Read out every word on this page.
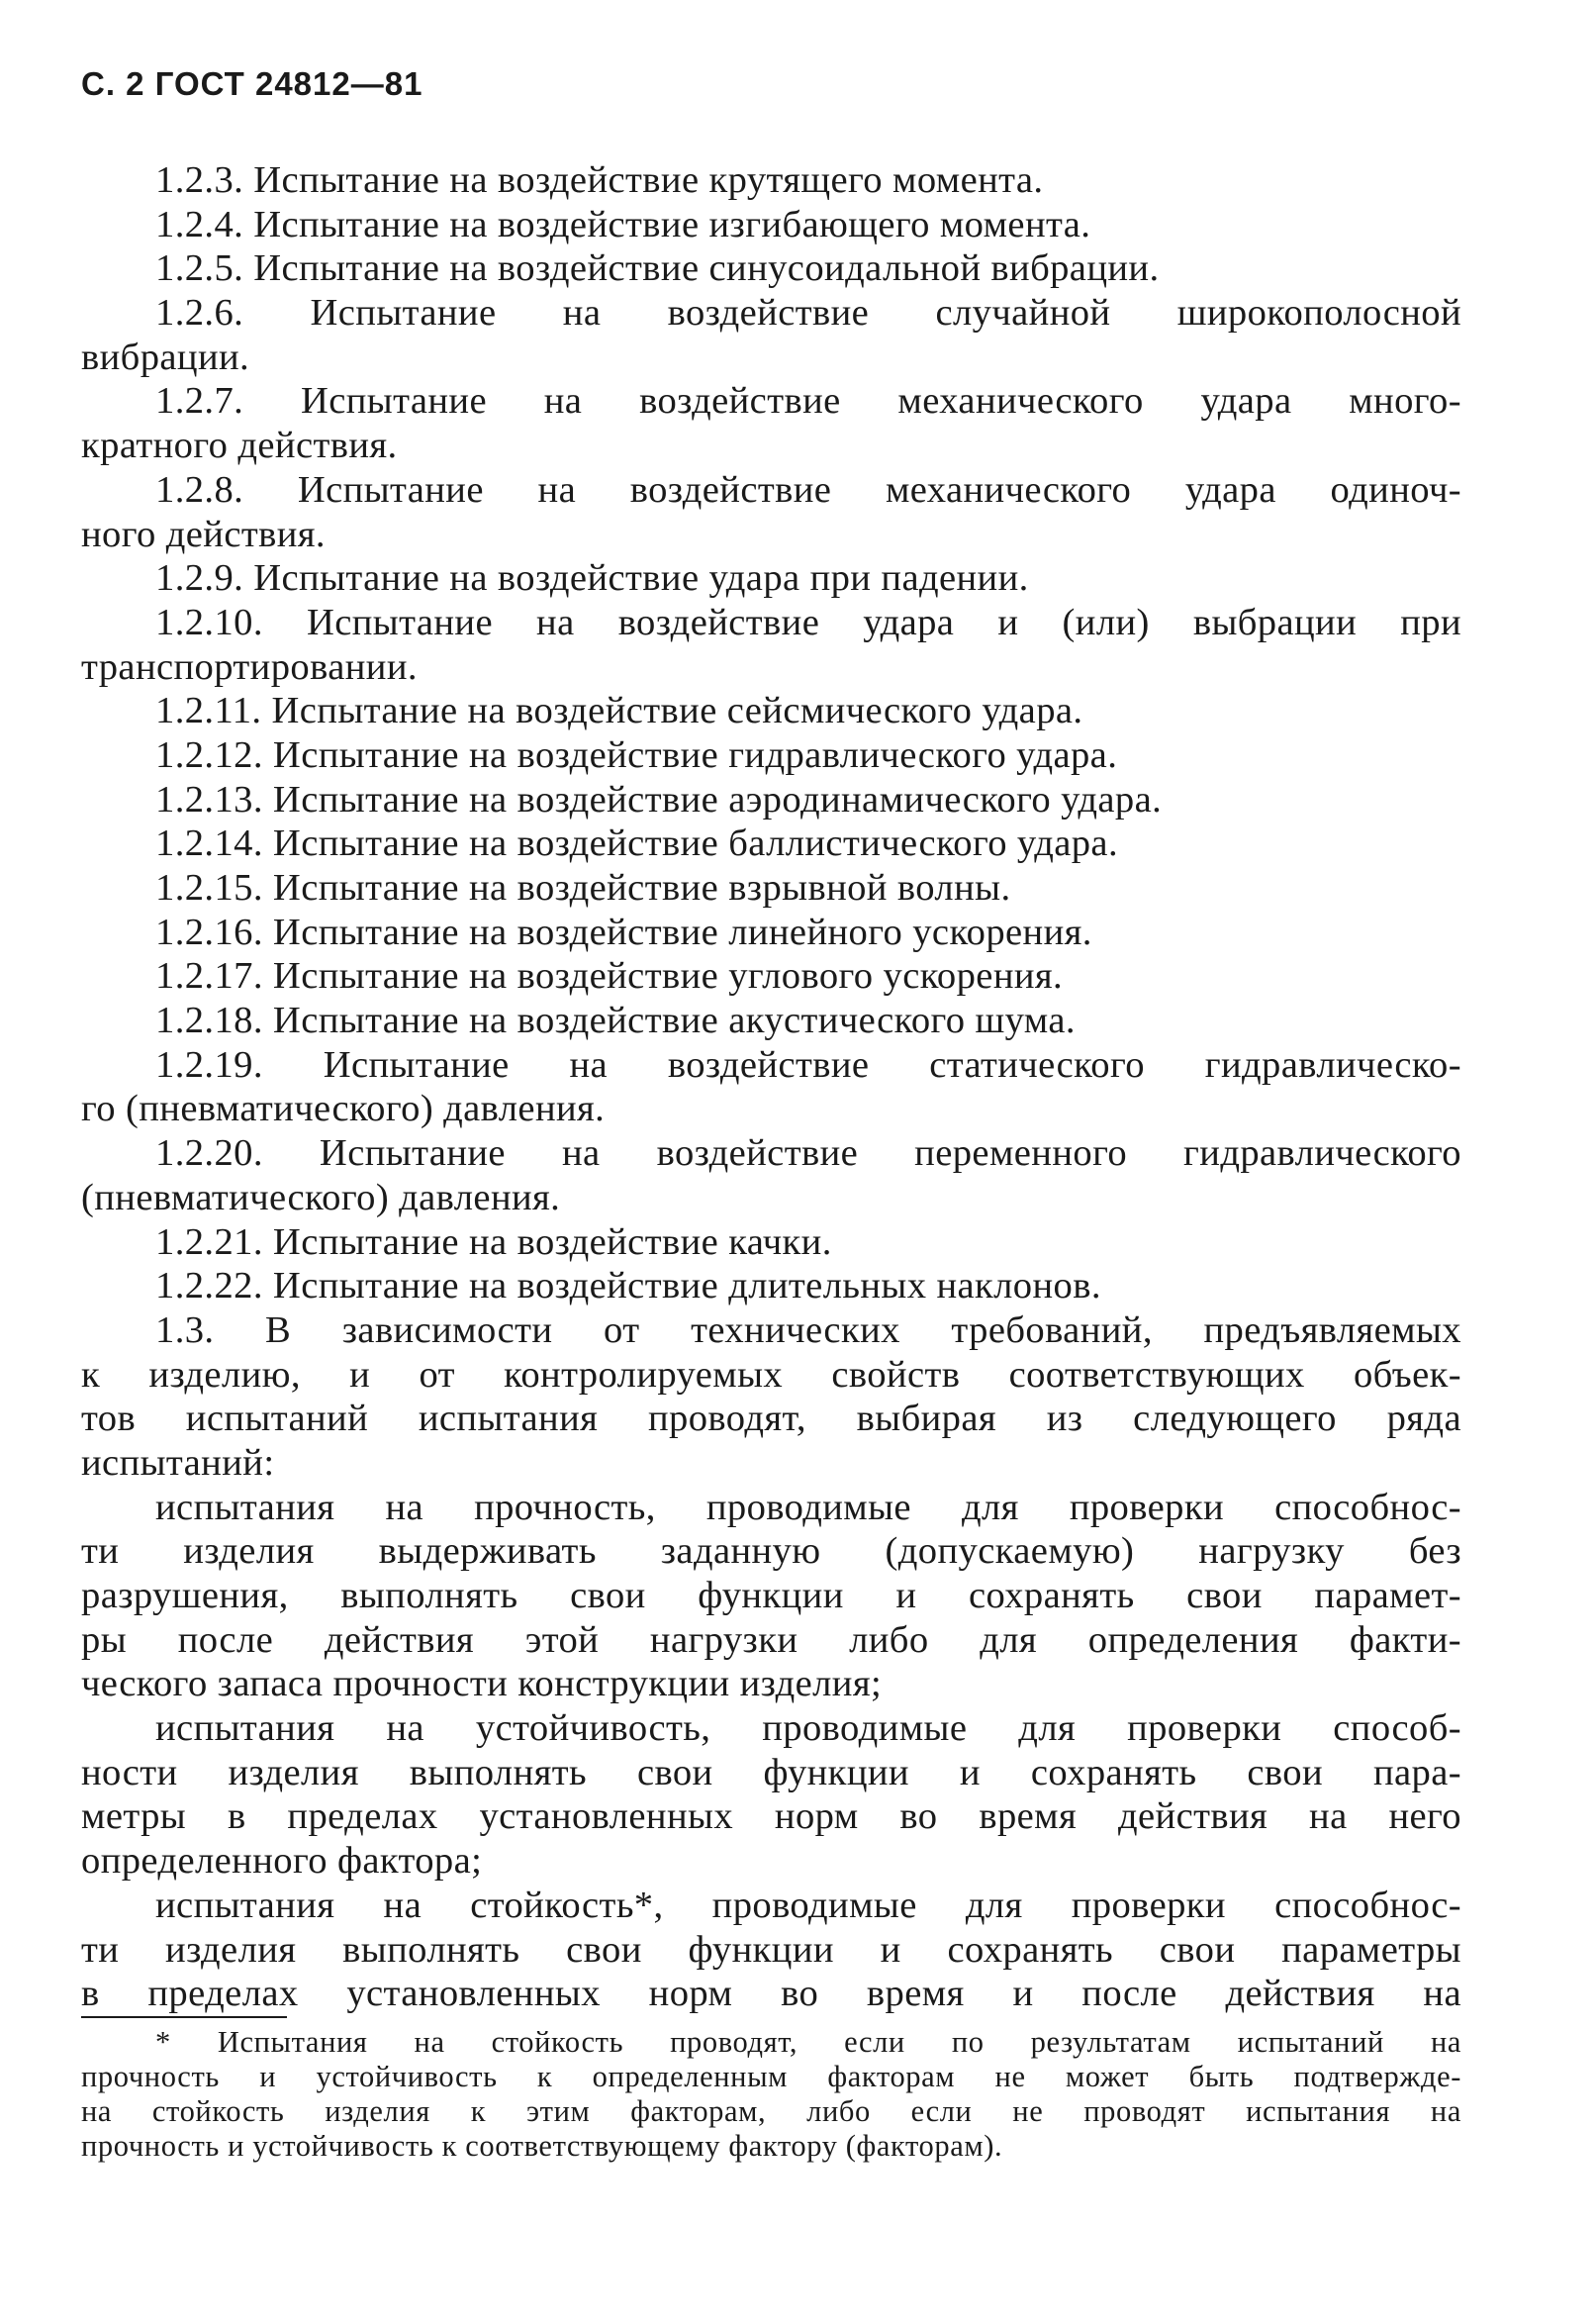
С. 2 ГОСТ 24812—81
1.2.3. Испытание на воздействие крутящего момента.
1.2.4. Испытание на воздействие изгибающего момента.
1.2.5. Испытание на воздействие синусоидальной вибрации.
1.2.6. Испытание на воздействие случайной широкополосной
вибрации.
1.2.7. Испытание на воздействие механического удара много-
кратного действия.
1.2.8. Испытание на воздействие механического удара одиноч-
ного действия.
1.2.9. Испытание на воздействие удара при падении.
1.2.10. Испытание на воздействие удара и (или) выбрации при
транспортировании.
1.2.11. Испытание на воздействие сейсмического удара.
1.2.12. Испытание на воздействие гидравлического удара.
1.2.13. Испытание на воздействие аэродинамического удара.
1.2.14. Испытание на воздействие баллистического удара.
1.2.15. Испытание на воздействие взрывной волны.
1.2.16. Испытание на воздействие линейного ускорения.
1.2.17. Испытание на воздействие углового ускорения.
1.2.18. Испытание на воздействие акустического шума.
1.2.19. Испытание на воздействие статического гидравлическо-
го (пневматического) давления.
1.2.20. Испытание на воздействие переменного гидравлического
(пневматического) давления.
1.2.21. Испытание на воздействие качки.
1.2.22. Испытание на воздействие длительных наклонов.
1.3. В зависимости от технических требований, предъявляемых
к изделию, и от контролируемых свойств соответствующих объек-
тов испытаний испытания проводят, выбирая из следующего ряда
испытаний:
испытания на прочность, проводимые для проверки способнос-
ти изделия выдерживать заданную (допускаемую) нагрузку без
разрушения, выполнять свои функции и сохранять свои парамет-
ры после действия этой нагрузки либо для определения факти-
ческого запаса прочности конструкции изделия;
испытания на устойчивость, проводимые для проверки способ-
ности изделия выполнять свои функции и сохранять свои пара-
метры в пределах установленных норм во время действия на него
определенного фактора;
испытания на стойкость*, проводимые для проверки способнос-
ти изделия выполнять свои функции и сохранять свои параметры
в пределах установленных норм во время и после действия на
* Испытания на стойкость проводят, если по результатам испытаний на
прочность и устойчивость к определенным факторам не может быть подтвержде-
на стойкость изделия к этим факторам, либо если не проводят испытания на
прочность и устойчивость к соответствующему фактору (факторам).
